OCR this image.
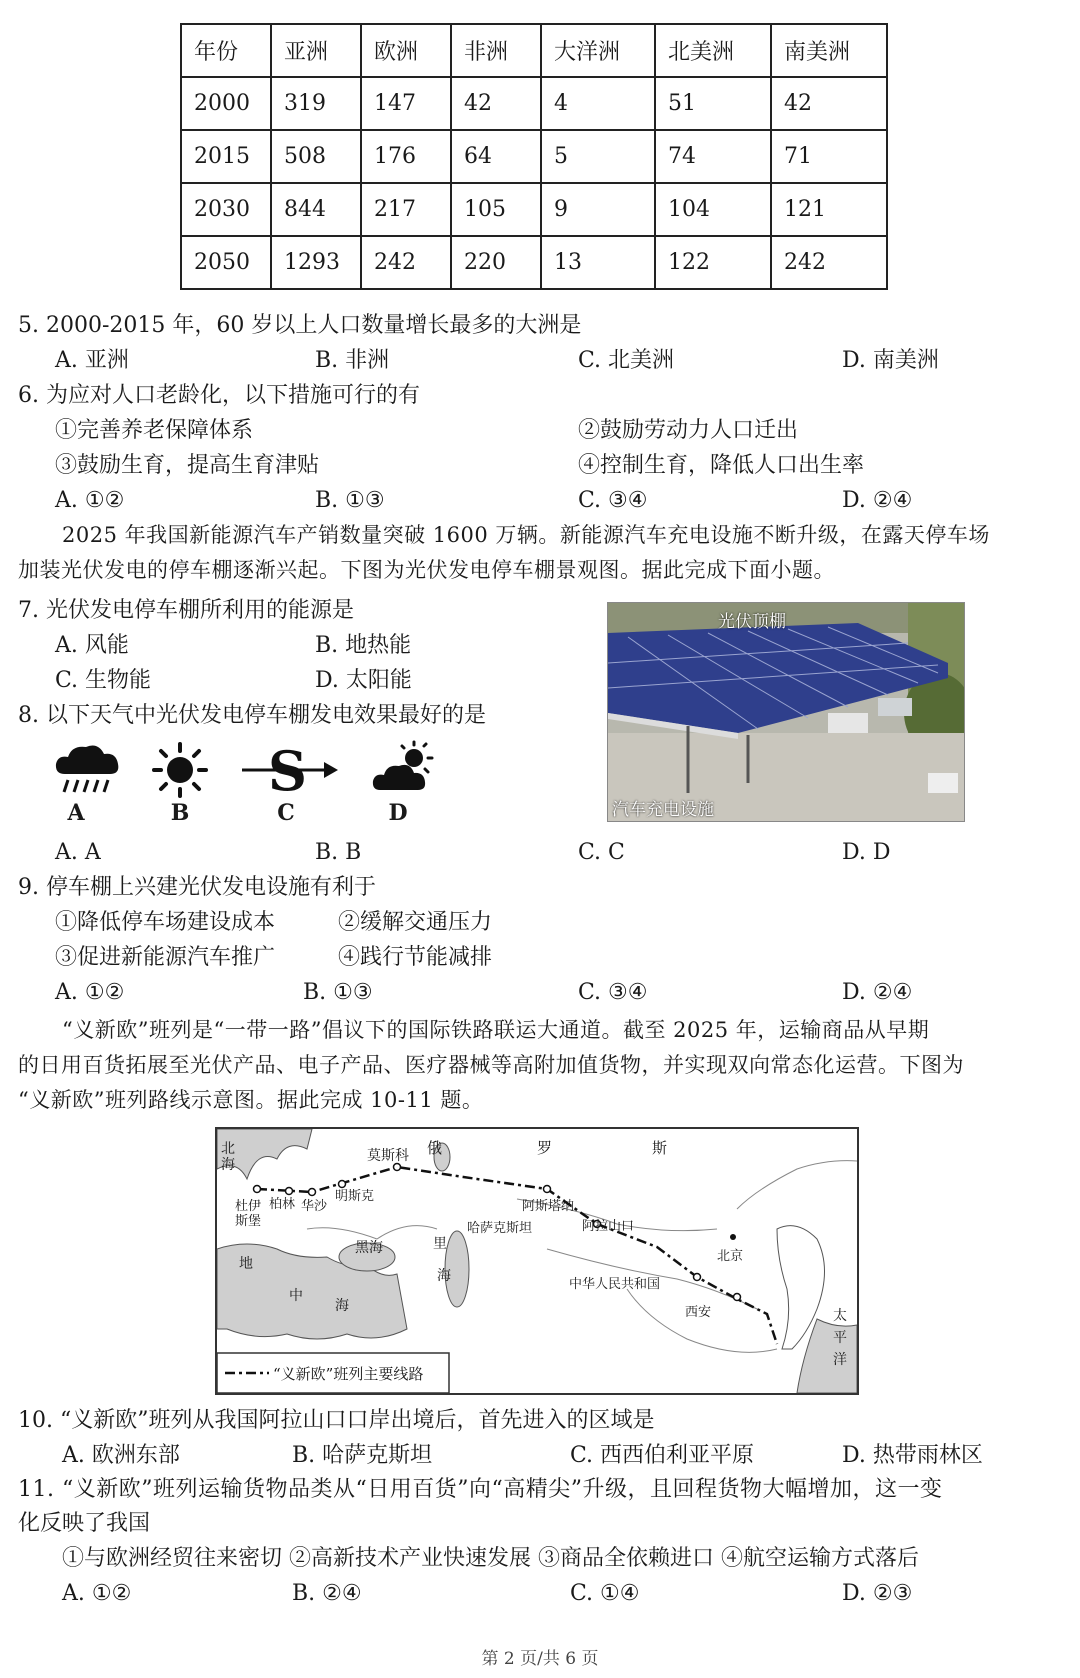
年份	亚洲	欧洲	非洲	大洋洲	北美洲	南美洲
2000	319	147	42	4	51	42
2015	508	176	64	5	74	71
2030	844	217	105	9	104	121
2050	1293	242	220	13	122	242
5. 2000-2015 年，60 岁以上人口数量增长最多的大洲是
A. 亚洲	B. 非洲	C. 北美洲	D. 南美洲
6. 为应对人口老龄化，以下措施可行的有
①完善养老保障体系	②鼓励劳动力人口迁出
③鼓励生育，提高生育津贴	④控制生育，降低人口出生率
A. ①②	B. ①③	C. ③④	D. ②④
2025 年我国新能源汽车产销数量突破 1600 万辆。新能源汽车充电设施不断升级，在露天停车场
加装光伏发电的停车棚逐渐兴起。下图为光伏发电停车棚景观图。据此完成下面小题。
7. 光伏发电停车棚所利用的能源是
A. 风能	B. 地热能
C. 生物能	D. 太阳能
光伏顶棚
汽车充电设施
8. 以下天气中光伏发电停车棚发电效果最好的是
A	B
S
C	D
A. A	B. B	C. C	D. D
9. 停车棚上兴建光伏发电设施有利于
①降低停车场建设成本	②缓解交通压力
③促进新能源汽车推广	④践行节能减排
A. ①②	B. ①③	C. ③④	D. ②④
“义新欧”班列是“一带一路”倡议下的国际铁路联运大通道。截至 2025 年，运输商品从早期
的日用百货拓展至光伏产品、电子产品、医疗器械等高附加值货物，并实现双向常态化运营。下图为
“义新欧”班列路线示意图。据此完成 10-11 题。
北海
莫斯科 俄	罗	斯
柏林 华沙
明斯克
杜伊斯堡
阿斯塔纳
哈萨克斯坦	阿拉山口
黑海	里
海
地
中
海
北京
中华人民共和国
西安	太
平
洋
“义新欧”班列主要线路
10. “义新欧”班列从我国阿拉山口口岸出境后，首先进入的区域是
A. 欧洲东部	B. 哈萨克斯坦	C. 西西伯利亚平原	D. 热带雨林区
11. “义新欧”班列运输货物品类从“日用百货”向“高精尖”升级，且回程货物大幅增加，这一变
化反映了我国
①与欧洲经贸往来密切 ②高新技术产业快速发展 ③商品全依赖进口 ④航空运输方式落后
A. ①②	B. ②④	C. ①④	D. ②③
第 2 页/共 6 页
